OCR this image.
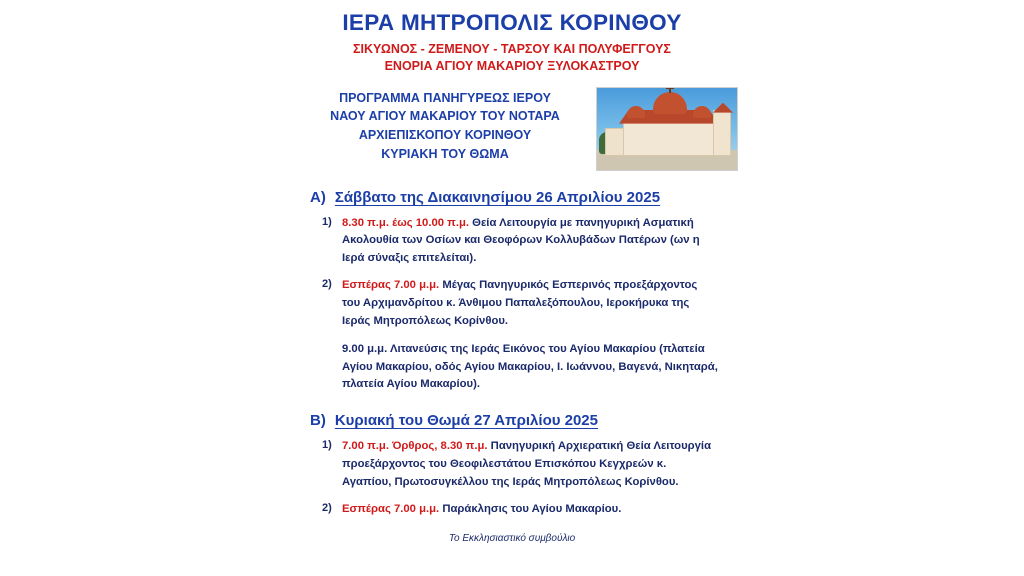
ΙΕΡΑ ΜΗΤΡΟΠΟΛΙΣ ΚΟΡΙΝΘΟΥ
ΣΙΚΥΩΝΟΣ - ΖΕΜΕΝΟΥ - ΤΑΡΣΟΥ ΚΑΙ ΠΟΛΥΦΕΓΓΟΥΣ
ΕΝΟΡΙΑ ΑΓΙΟΥ ΜΑΚΑΡΙΟΥ ΞΥΛΟΚΑΣΤΡΟΥ
ΠΡΟΓΡΑΜΜΑ ΠΑΝΗΓΥΡΕΩΣ ΙΕΡΟΥ
ΝΑΟΥ ΑΓΙΟΥ ΜΑΚΑΡΙΟΥ ΤΟΥ ΝΟΤΑΡΑ
ΑΡΧΙΕΠΙΣΚΟΠΟΥ ΚΟΡΙΝΘΟΥ
ΚΥΡΙΑΚΗ ΤΟΥ ΘΩΜΑ
Α) Σάββατο της Διακαινησίμου 26 Απριλίου 2025
1) 8.30 π.μ. έως 10.00 π.μ. Θεία Λειτουργία με πανηγυρική Ασματική Ακολουθία των Οσίων και Θεοφόρων Κολλυβάδων Πατέρων (ων η Ιερά σύναξις επιτελείται).
2) Εσπέρας 7.00 μ.μ. Μέγας Πανηγυρικός Εσπερινός προεξάρχοντος του Αρχιμανδρίτου κ. Άνθιμου Παπαλεξόπουλου, Ιεροκήρυκα της Ιεράς Μητροπόλεως Κορίνθου.
9.00 μ.μ. Λιτανεύσις της Ιεράς Εικόνος του Αγίου Μακαρίου (πλατεία Αγίου Μακαρίου, οδός Αγίου Μακαρίου, Ι. Ιωάννου, Βαγενά, Νικηταρά, πλατεία Αγίου Μακαρίου).
Β) Κυριακή του Θωμά 27 Απριλίου 2025
1) 7.00 π.μ. Όρθρος, 8.30 π.μ. Πανηγυρική Αρχιερατική Θεία Λειτουργία προεξάρχοντος του Θεοφιλεστάτου Επισκόπου Κεγχρεών κ. Αγαπίου, Πρωτοσυγκέλλου της Ιεράς Μητροπόλεως Κορίνθου.
2) Εσπέρας 7.00 μ.μ. Παράκλησις του Αγίου Μακαρίου.
Το Εκκλησιαστικό συμβούλιο
